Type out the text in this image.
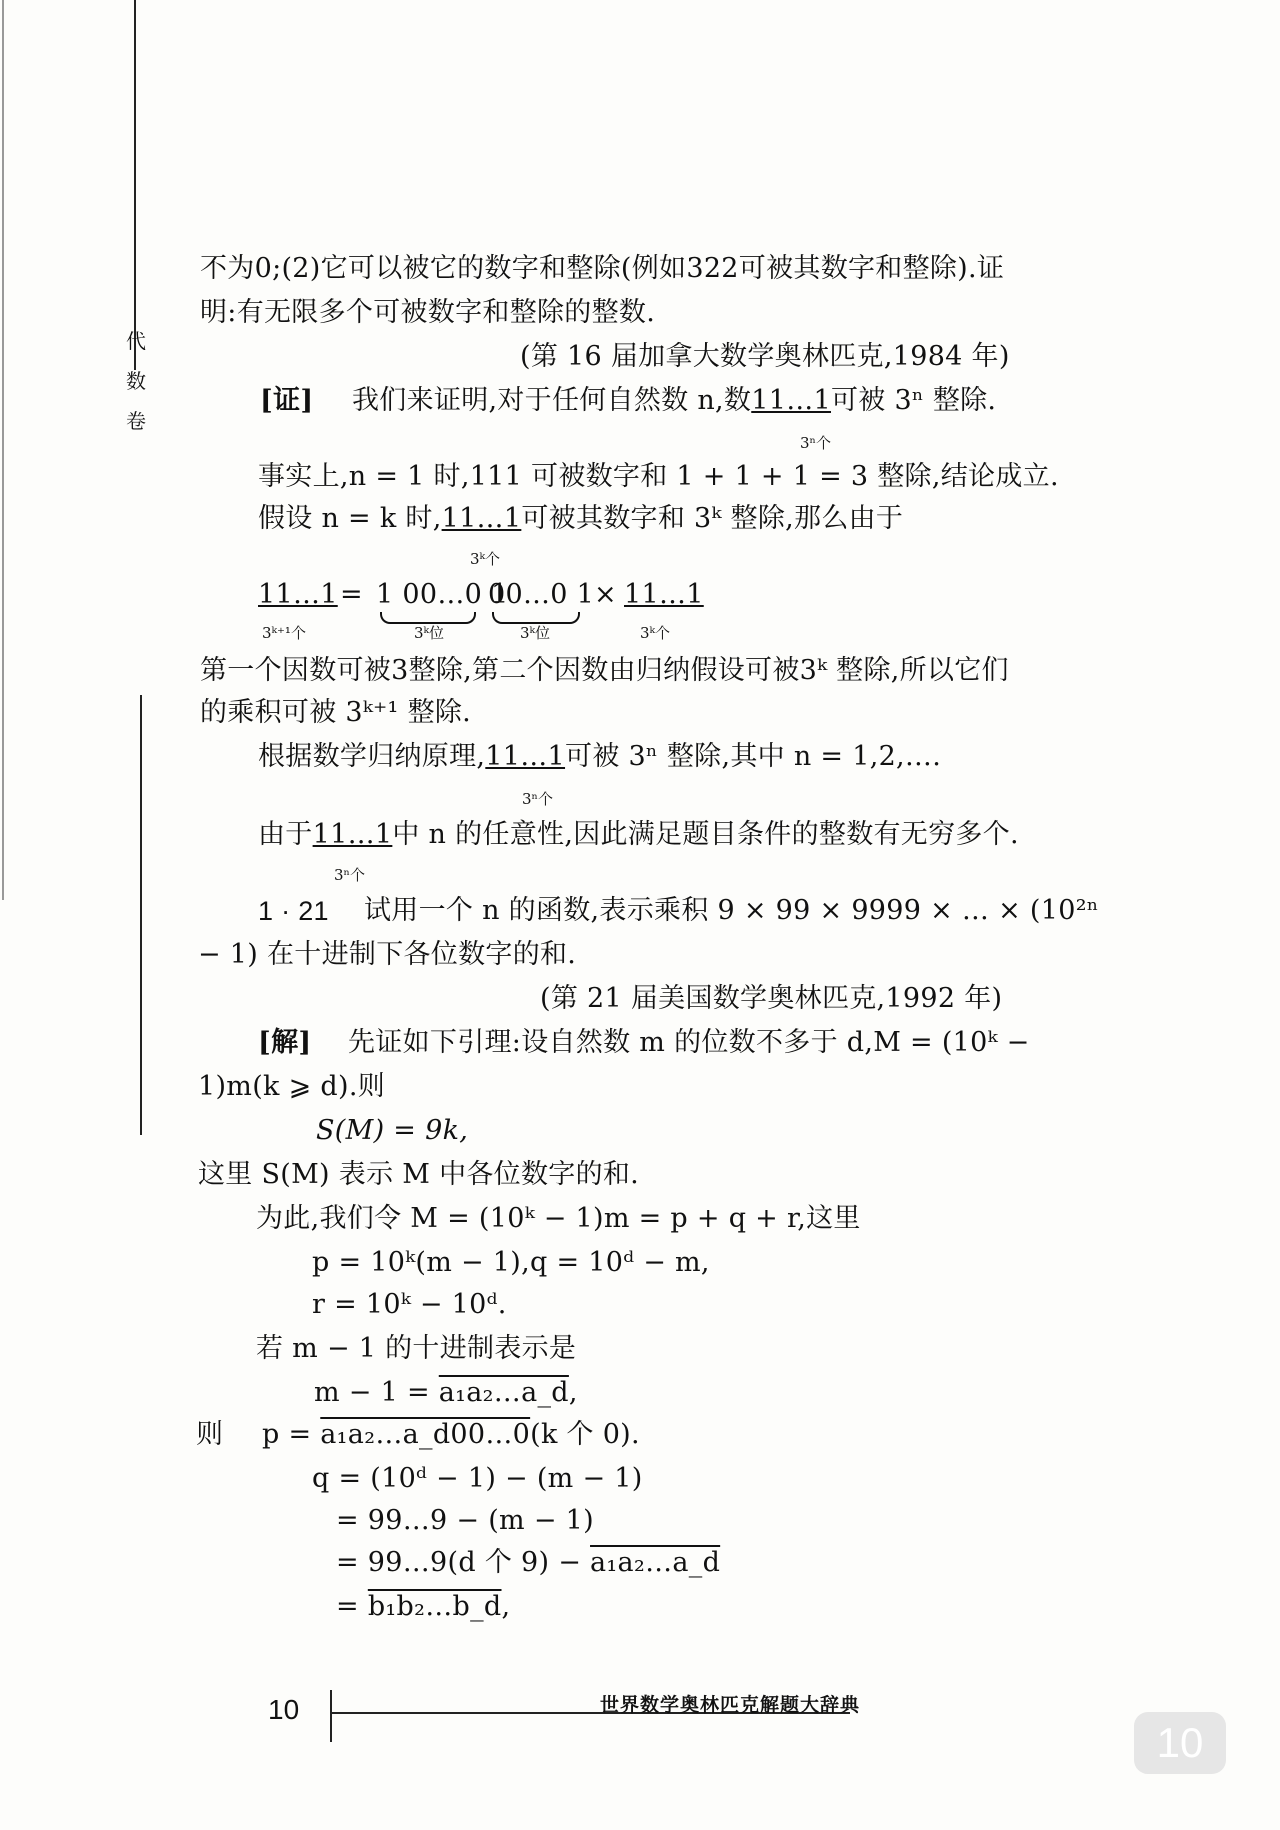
代
数
卷
不为0;(2)它可以被它的数字和整除(例如322可被其数字和整除).证
明:有无限多个可被数字和整除的整数.
(第 16 届加拿大数学奥林匹克,1984 年)
[证] 我们来证明,对于任何自然数 n,数11…1可被 3ⁿ 整除.
3ⁿ个
事实上,n = 1 时,111 可被数字和 1 + 1 + 1 = 3 整除,结论成立.
假设 n = k 时,11…1可被其数字和 3ᵏ 整除,那么由于
3ᵏ个
11…1 = 1 00…0 1
00…0 1 × 11…1
3ᵏ⁺¹个	3ᵏ位	3ᵏ位	3ᵏ个
第一个因数可被3整除,第二个因数由归纳假设可被3ᵏ 整除,所以它们
的乘积可被 3ᵏ⁺¹ 整除.
根据数学归纳原理,11…1可被 3ⁿ 整除,其中 n = 1,2,….
3ⁿ个
由于11…1中 n 的任意性,因此满足题目条件的整数有无穷多个.
3ⁿ个
1 · 21 试用一个 n 的函数,表示乘积 9 × 99 × 9999 × … × (10²ⁿ
− 1) 在十进制下各位数字的和.
(第 21 届美国数学奥林匹克,1992 年)
[解] 先证如下引理:设自然数 m 的位数不多于 d,M = (10ᵏ −
1)m(k ⩾ d).则
S(M) = 9k,
这里 S(M) 表示 M 中各位数字的和.
为此,我们令 M = (10ᵏ − 1)m = p + q + r,这里
p = 10ᵏ(m − 1),q = 10ᵈ − m,
r = 10ᵏ − 10ᵈ.
若 m − 1 的十进制表示是
m − 1 = a₁a₂…a_d,
则 p = a₁a₂…a_d00…0(k 个 0).
q = (10ᵈ − 1) − (m − 1)
= 99…9 − (m − 1)
= 99…9(d 个 9) − a₁a₂…a_d
= b₁b₂…b_d,
10	世界数学奥林匹克解题大辞典
10
